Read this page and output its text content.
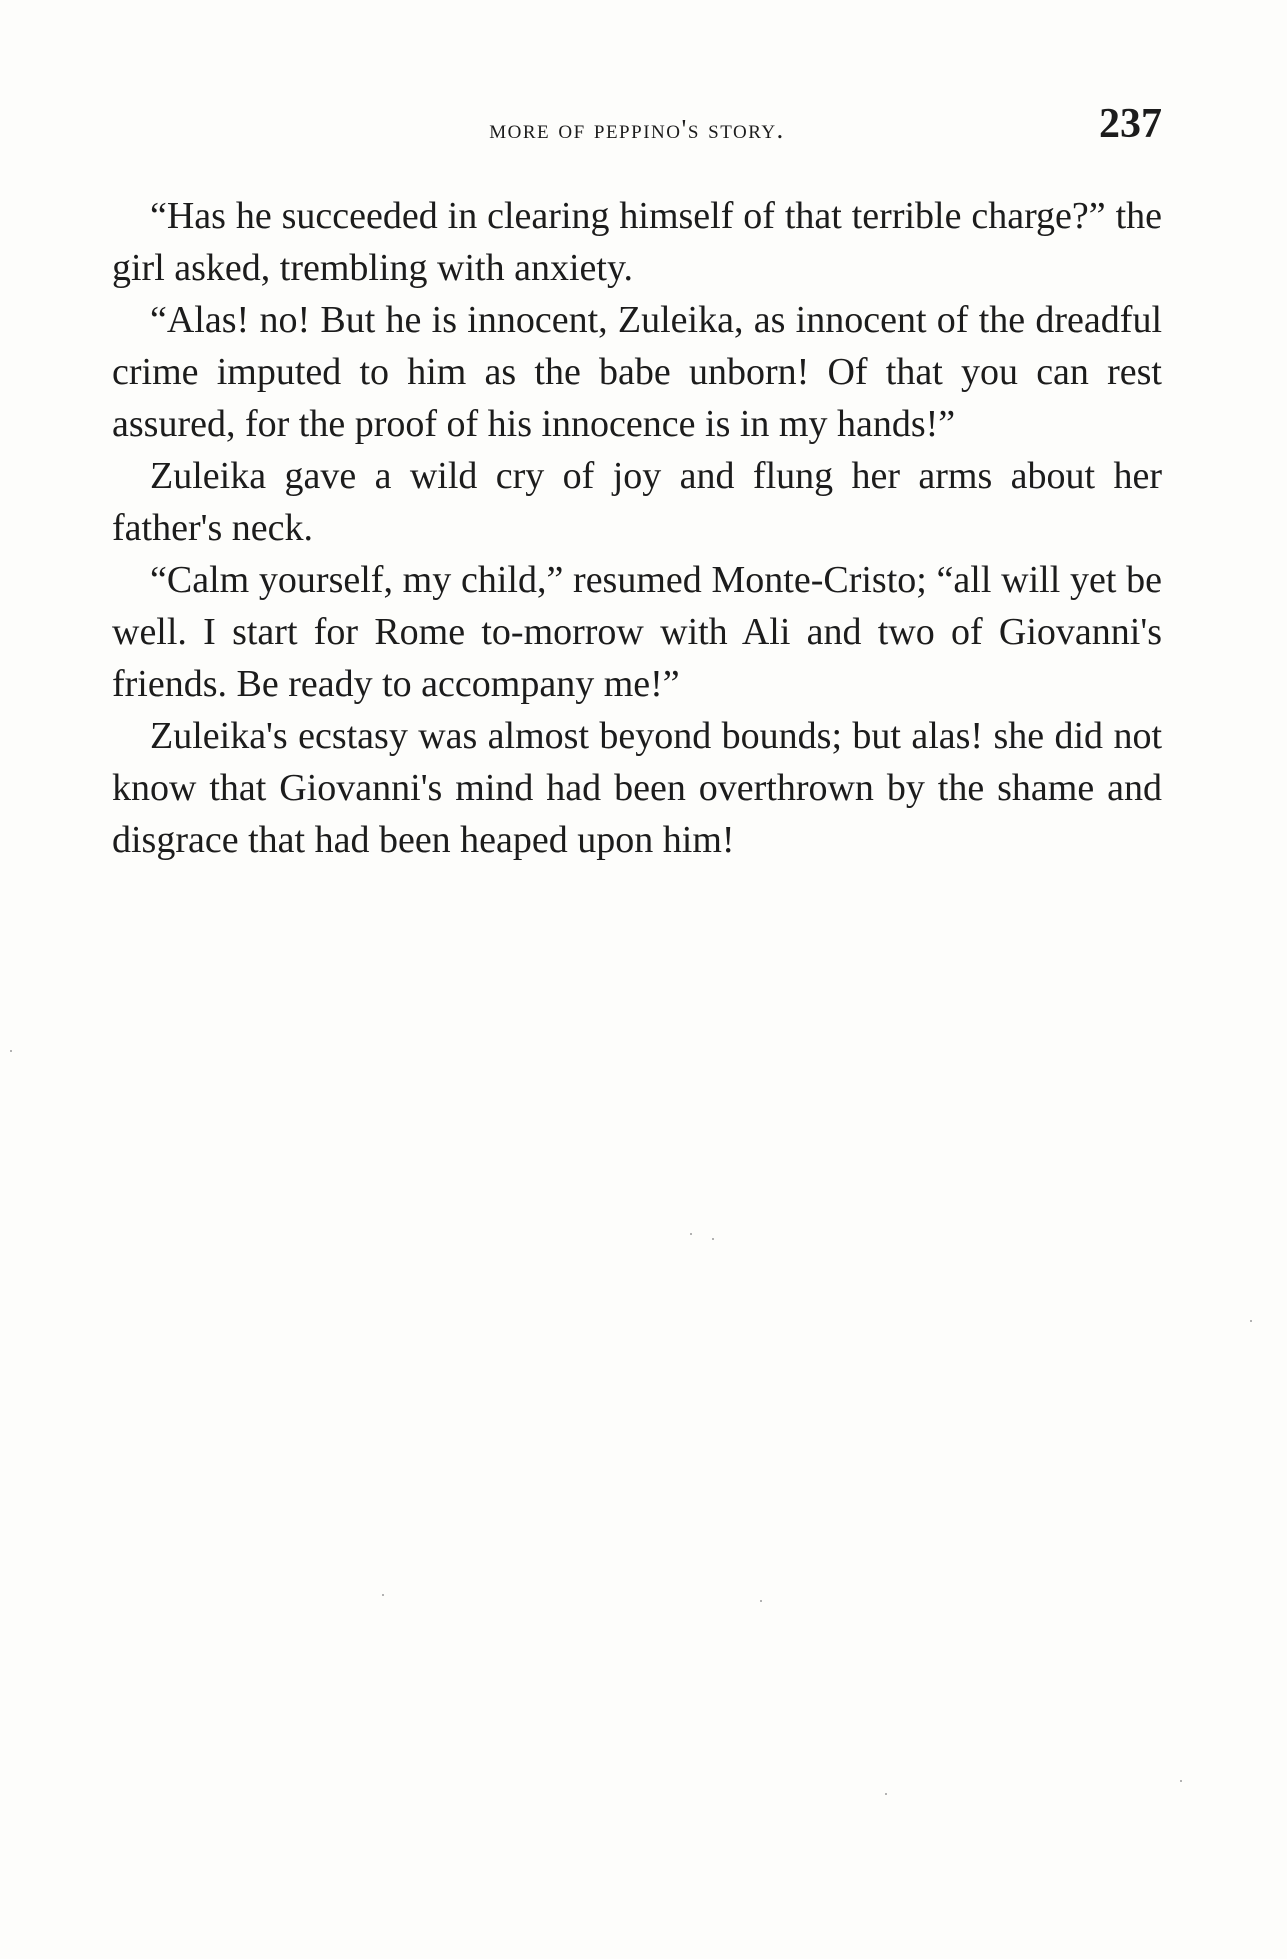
more of peppino's story.	237

“Has he succeeded in clearing himself of that terrible charge?” the girl asked, trembling with anxiety.

“Alas! no! But he is innocent, Zuleika, as innocent of the dreadful crime imputed to him as the babe unborn! Of that you can rest assured, for the proof of his innocence is in my hands!”

Zuleika gave a wild cry of joy and flung her arms about her father's neck.

“Calm yourself, my child,” resumed Monte-Cristo; “all will yet be well. I start for Rome to-morrow with Ali and two of Giovanni's friends. Be ready to accompany me!”

Zuleika's ecstasy was almost beyond bounds; but alas! she did not know that Giovanni's mind had been overthrown by the shame and disgrace that had been heaped upon him!
